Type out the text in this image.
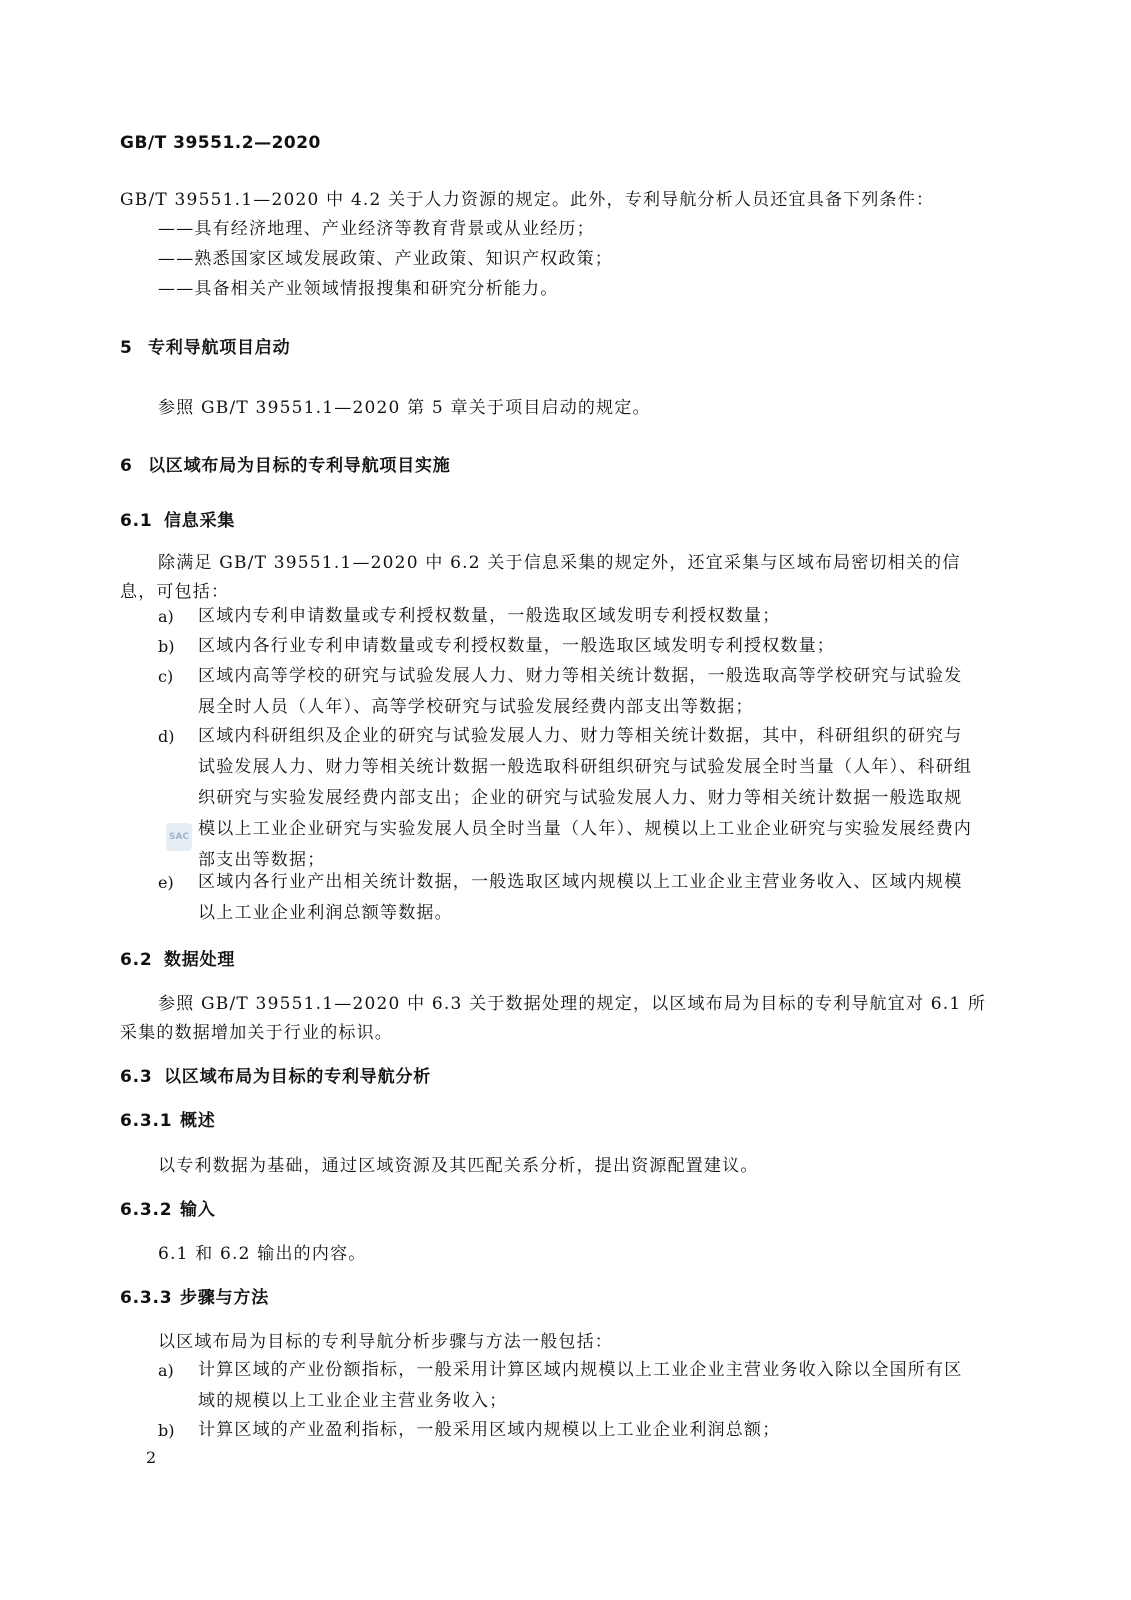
GB/T 39551.2—2020
GB/T 39551.1—2020 中 4.2 关于人力资源的规定。此外，专利导航分析人员还宜具备下列条件：
——具有经济地理、产业经济等教育背景或从业经历；
——熟悉国家区域发展政策、产业政策、知识产权政策；
——具备相关产业领域情报搜集和研究分析能力。
5 专利导航项目启动
参照 GB/T 39551.1—2020 第 5 章关于项目启动的规定。
6 以区域布局为目标的专利导航项目实施
6.1 信息采集
除满足 GB/T 39551.1—2020 中 6.2 关于信息采集的规定外，还宜采集与区域布局密切相关的信
息，可包括：
a) 区域内专利申请数量或专利授权数量，一般选取区域发明专利授权数量；
b) 区域内各行业专利申请数量或专利授权数量，一般选取区域发明专利授权数量；
c) 区域内高等学校的研究与试验发展人力、财力等相关统计数据，一般选取高等学校研究与试验发展全时人员（人年）、高等学校研究与试验发展经费内部支出等数据；
d) 区域内科研组织及企业的研究与试验发展人力、财力等相关统计数据，其中，科研组织的研究与试验发展人力、财力等相关统计数据一般选取科研组织研究与试验发展全时当量（人年）、科研组织研究与实验发展经费内部支出；企业的研究与试验发展人力、财力等相关统计数据一般选取规模以上工业企业研究与实验发展人员全时当量（人年）、规模以上工业企业研究与实验发展经费内部支出等数据；
e) 区域内各行业产出相关统计数据，一般选取区域内规模以上工业企业主营业务收入、区域内规模以上工业企业利润总额等数据。
SAC
6.2 数据处理
参照 GB/T 39551.1—2020 中 6.3 关于数据处理的规定，以区域布局为目标的专利导航宜对 6.1 所
采集的数据增加关于行业的标识。
6.3 以区域布局为目标的专利导航分析
6.3.1 概述
以专利数据为基础，通过区域资源及其匹配关系分析，提出资源配置建议。
6.3.2 输入
6.1 和 6.2 输出的内容。
6.3.3 步骤与方法
以区域布局为目标的专利导航分析步骤与方法一般包括：
a) 计算区域的产业份额指标，一般采用计算区域内规模以上工业企业主营业务收入除以全国所有区域的规模以上工业企业主营业务收入；
b) 计算区域的产业盈利指标，一般采用区域内规模以上工业企业利润总额；
2
